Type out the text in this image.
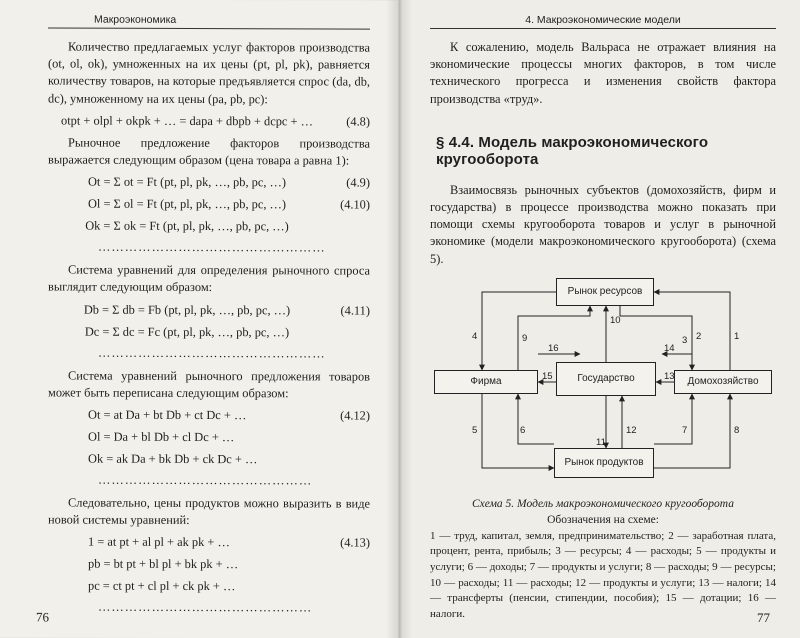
Макроэкономика

Количество предлагаемых услуг факторов производства (ot, ol, ok), умноженных на их цены (pt, pl, pk), равняется количеству товаров, на которые предъявляется спрос (da, db, dc), умноженному на их цены (pa, pb, pc):

otpt + olpl + okpk + … = dapa + dbpb + dcpc + …	(4.8)

Рыночное предложение факторов производства выражается следующим образом (цена товара а равна 1):

Ot = Σ ot = Ft (pt, pl, pk, …, pb, pc, …)	(4.9)
Ol = Σ ol = Ft (pt, pl, pk, …, pb, pc, …)	(4.10)
Ok = Σ ok = Ft (pt, pl, pk, …, pb, pc, …)
……………………………………………

Система уравнений для определения рыночного спроса выглядит следующим образом:

Db = Σ db = Fb (pt, pl, pk, …, pb, pc, …)	(4.11)
Dc = Σ dc = Fc (pt, pl, pk, …, pb, pc, …)
……………………………………………

Система уравнений рыночного предложения товаров может быть переписана следующим образом:

Ot = at Da + bt Db + ct Dc + …	(4.12)
Ol = Da + bl Db + cl Dc + …
Ok = ak Da + bk Db + ck Dc + …
…………………………………………

Следовательно, цены продуктов можно выразить в виде новой системы уравнений:

1 = at pt + al pl + ak pk + …	(4.13)
pb = bt pt + bl pl + bk pk + …
pc = ct pt + cl pl + ck pk + …
…………………………………………
76
4. Макроэкономические модели

К сожалению, модель Вальраса не отражает влияния на экономические процессы многих факторов, в том числе технического прогресса и изменения свойств фактора производства «труд».

§ 4.4. Модель макроэкономического кругооборота

Взаимосвязь рыночных субъектов (домохозяйств, фирм и государства) в процессе производства можно показать при помощи схемы кругооборота товаров и услуг в рыночной экономике (модели макроэкономического кругооборота) (схема 5).

Рынок ресурсов
Фирма	Государство	Домохозяйство
Рынок продуктов
1
2
3
4
5	6	7	8
9
10
11
12
13
14
15
16
Схема 5. Модель макроэкономического кругооборота
Обозначения на схеме:

1 — труд, капитал, земля, предпринимательство; 2 — заработная плата, процент, рента, прибыль; 3 — ресурсы; 4 — расходы; 5 — продукты и услуги; 6 — доходы; 7 — продукты и услуги; 8 — расходы; 9 — ресурсы; 10 — расходы; 11 — расходы; 12 — продукты и услуги; 13 — налоги; 14 — трансферты (пенсии, стипендии, пособия); 15 — дотации; 16 — налоги.	77
